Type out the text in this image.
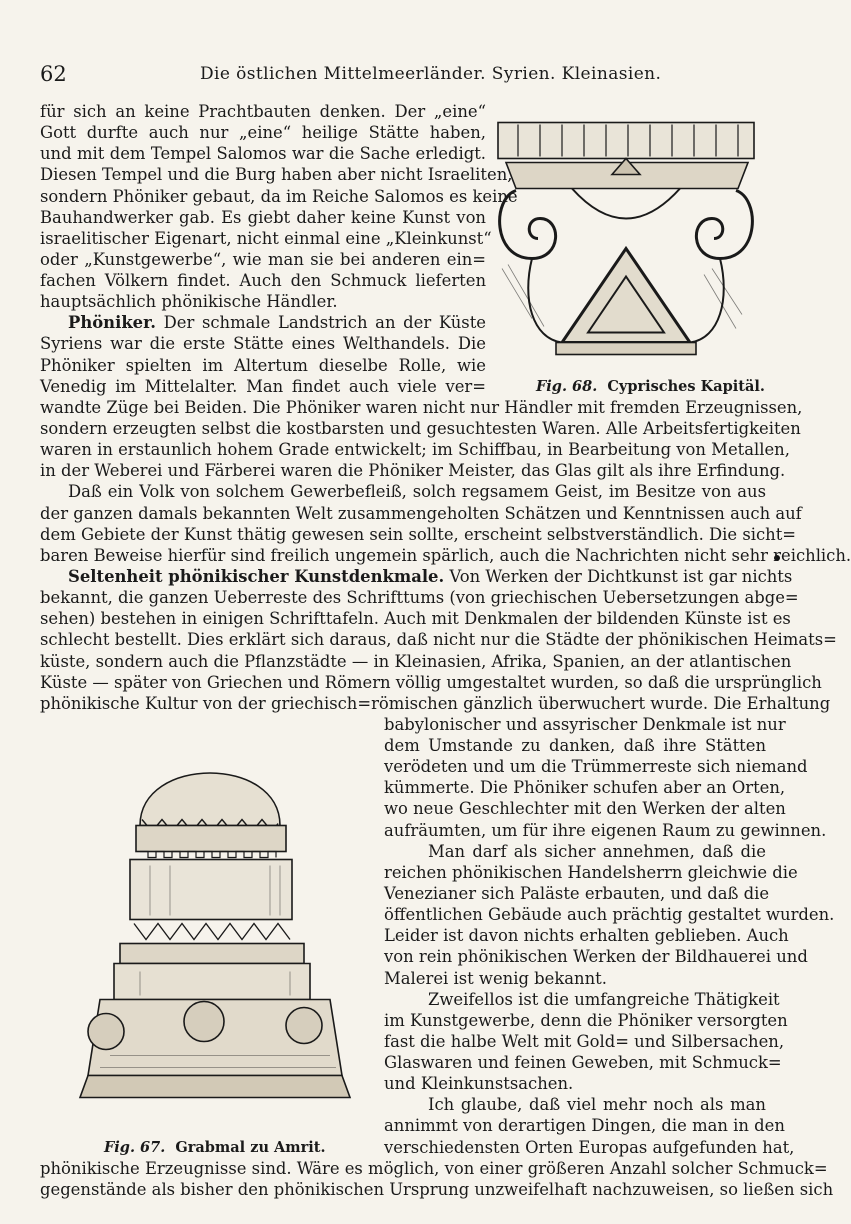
62	Die östlichen Mittelmeerländer. Syrien. Kleinasien.
Fig. 68. Cyprisches Kapitäl.
Fig. 67. Grabmal zu Amrit.
für sich an keine Prachtbauten denken. Der „eine“
Gott durfte auch nur „eine“ heilige Stätte haben,
und mit dem Tempel Salomos war die Sache erledigt.
Diesen Tempel und die Burg haben aber nicht Israeliten,
sondern Phöniker gebaut, da im Reiche Salomos es keine
Bauhandwerker gab. Es giebt daher keine Kunst von
israelitischer Eigenart, nicht einmal eine „Kleinkunst“
oder „Kunstgewerbe“, wie man sie bei anderen ein=
fachen Völkern findet. Auch den Schmuck lieferten
hauptsächlich phönikische Händler.
Phöniker. Der schmale Landstrich an der Küste
Syriens war die erste Stätte eines Welthandels. Die
Phöniker spielten im Altertum dieselbe Rolle, wie
Venedig im Mittelalter. Man findet auch viele ver=
wandte Züge bei Beiden. Die Phöniker waren nicht nur Händler mit fremden Erzeugnissen,
sondern erzeugten selbst die kostbarsten und gesuchtesten Waren. Alle Arbeitsfertigkeiten
waren in erstaunlich hohem Grade entwickelt; im Schiffbau, in Bearbeitung von Metallen,
in der Weberei und Färberei waren die Phöniker Meister, das Glas gilt als ihre Erfindung.
Daß ein Volk von solchem Gewerbefleiß, solch regsamem Geist, im Besitze von aus
der ganzen damals bekannten Welt zusammengeholten Schätzen und Kenntnissen auch auf
dem Gebiete der Kunst thätig gewesen sein sollte, erscheint selbstverständlich. Die sicht=
baren Beweise hierfür sind freilich ungemein spärlich, auch die Nachrichten nicht sehr reichlich.
Seltenheit phönikischer Kunstdenkmale. Von Werken der Dichtkunst ist gar nichts
bekannt, die ganzen Ueberreste des Schrifttums (von griechischen Uebersetzungen abge=
sehen) bestehen in einigen Schrifttafeln. Auch mit Denkmalen der bildenden Künste ist es
schlecht bestellt. Dies erklärt sich daraus, daß nicht nur die Städte der phönikischen Heimats=
küste, sondern auch die Pflanzstädte — in Kleinasien, Afrika, Spanien, an der atlantischen
Küste — später von Griechen und Römern völlig umgestaltet wurden, so daß die ursprünglich
phönikische Kultur von der griechisch=römischen gänzlich überwuchert wurde. Die Erhaltung
babylonischer und assyrischer Denkmale ist nur
dem Umstande zu danken, daß ihre Stätten
verödeten und um die Trümmerreste sich niemand
kümmerte. Die Phöniker schufen aber an Orten,
wo neue Geschlechter mit den Werken der alten
aufräumten, um für ihre eigenen Raum zu gewinnen.
Man darf als sicher annehmen, daß die
reichen phönikischen Handelsherrn gleichwie die
Venezianer sich Paläste erbauten, und daß die
öffentlichen Gebäude auch prächtig gestaltet wurden.
Leider ist davon nichts erhalten geblieben. Auch
von rein phönikischen Werken der Bildhauerei und
Malerei ist wenig bekannt.
Zweifellos ist die umfangreiche Thätigkeit
im Kunstgewerbe, denn die Phöniker versorgten
fast die halbe Welt mit Gold= und Silbersachen,
Glaswaren und feinen Geweben, mit Schmuck=
und Kleinkunstsachen.
Ich glaube, daß viel mehr noch als man
annimmt von derartigen Dingen, die man in den
verschiedensten Orten Europas aufgefunden hat,
phönikische Erzeugnisse sind. Wäre es möglich, von einer größeren Anzahl solcher Schmuck=
gegenstände als bisher den phönikischen Ursprung unzweifelhaft nachzuweisen, so ließen sich
